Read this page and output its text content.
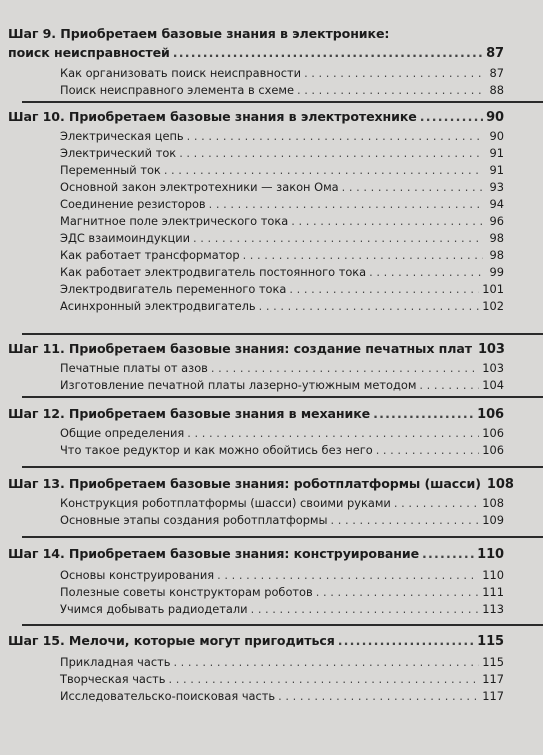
Шаг 9. Приобретаем базовые знания в электронике:
поиск неисправностей .....	87
Как организовать поиск неисправности . . .	87
Поиск неисправного элемента в схеме . . .	88
Шаг 10. Приобретаем базовые знания в электротехнике .....	90
Электрическая цепь . . .	90
Электрический ток . . .	91
Переменный ток . . .	91
Основной закон электротехники — закон Ома . . .	93
Соединение резисторов . . .	94
Магнитное поле электрического тока . . .	96
ЭДС взаимоиндукции . . .	98
Как работает трансформатор . . .	98
Как работает электродвигатель постоянного тока . . .	99
Электродвигатель переменного тока . . .	101
Асинхронный электродвигатель . . .	102
Шаг 11. Приобретаем базовые знания: создание печатных плат 103
Печатные платы от азов . . .	103
Изготовление печатной платы лазерно-утюжным методом . . .	104
Шаг 12. Приобретаем базовые знания в механике .....	106
Общие определения . . .	106
Что такое редуктор и как можно обойтись без него . . .	106
Шаг 13. Приобретаем базовые знания: роботплатформы (шасси) 108
Конструкция роботплатформы (шасси) своими руками . . .	108
Основные этапы создания роботплатформы . . .	109
Шаг 14. Приобретаем базовые знания: конструирование .....	110
Основы конструирования . . .	110
Полезные советы конструкторам роботов . . .	111
Учимся добывать радиодетали . . .	113
Шаг 15. Мелочи, которые могут пригодиться .....	115
Прикладная часть . . .	115
Творческая часть . . .	117
Исследовательско-поисковая часть . . .	117
